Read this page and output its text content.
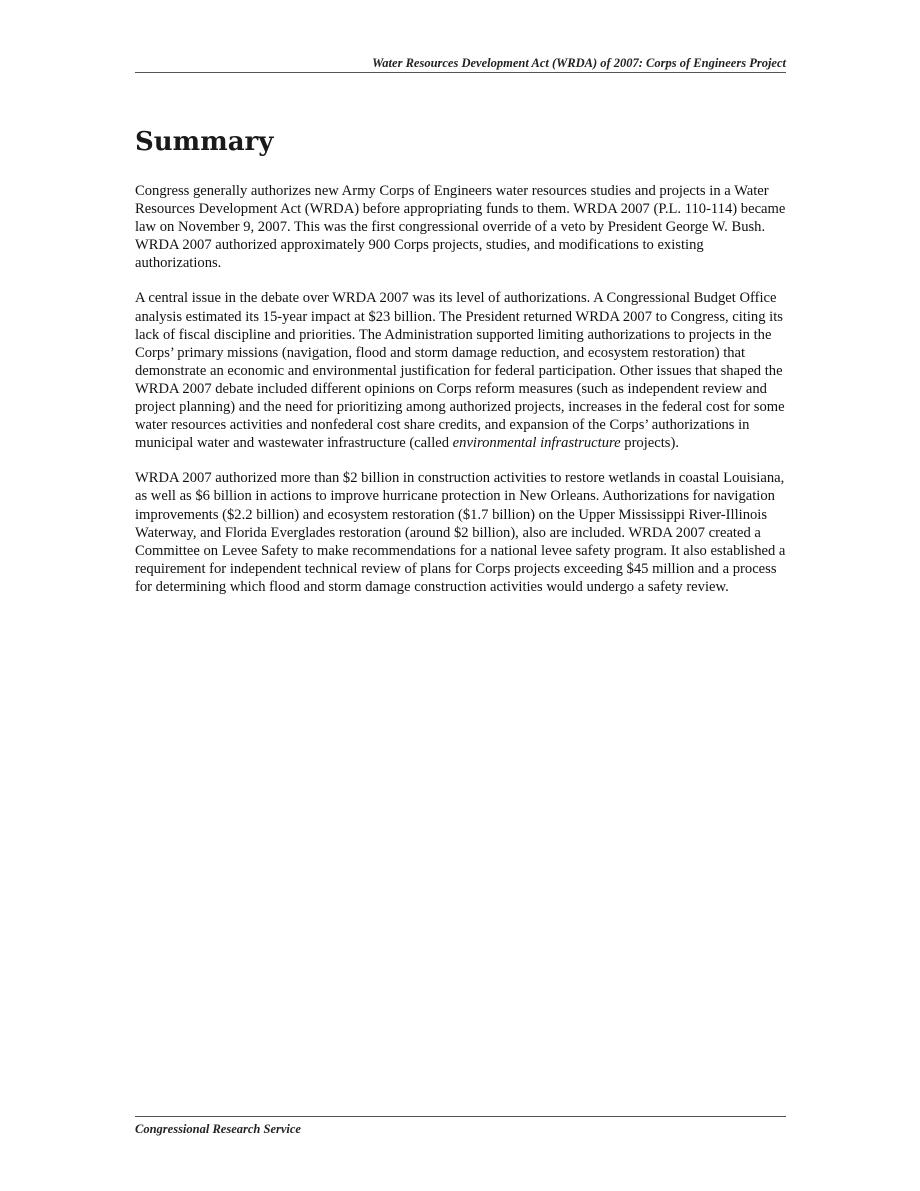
Water Resources Development Act (WRDA) of 2007: Corps of Engineers Project
Summary

Congress generally authorizes new Army Corps of Engineers water resources studies and projects in a Water Resources Development Act (WRDA) before appropriating funds to them. WRDA 2007 (P.L. 110-114) became law on November 9, 2007. This was the first congressional override of a veto by President George W. Bush. WRDA 2007 authorized approximately 900 Corps projects, studies, and modifications to existing authorizations.

A central issue in the debate over WRDA 2007 was its level of authorizations. A Congressional Budget Office analysis estimated its 15-year impact at $23 billion. The President returned WRDA 2007 to Congress, citing its lack of fiscal discipline and priorities. The Administration supported limiting authorizations to projects in the Corps’ primary missions (navigation, flood and storm damage reduction, and ecosystem restoration) that demonstrate an economic and environmental justification for federal participation. Other issues that shaped the WRDA 2007 debate included different opinions on Corps reform measures (such as independent review and project planning) and the need for prioritizing among authorized projects, increases in the federal cost for some water resources activities and nonfederal cost share credits, and expansion of the Corps’ authorizations in municipal water and wastewater infrastructure (called environmental infrastructure projects).

WRDA 2007 authorized more than $2 billion in construction activities to restore wetlands in coastal Louisiana, as well as $6 billion in actions to improve hurricane protection in New Orleans. Authorizations for navigation improvements ($2.2 billion) and ecosystem restoration ($1.7 billion) on the Upper Mississippi River-Illinois Waterway, and Florida Everglades restoration (around $2 billion), also are included. WRDA 2007 created a Committee on Levee Safety to make recommendations for a national levee safety program. It also established a requirement for independent technical review of plans for Corps projects exceeding $45 million and a process for determining which flood and storm damage construction activities would undergo a safety review.

Congressional Research Service
